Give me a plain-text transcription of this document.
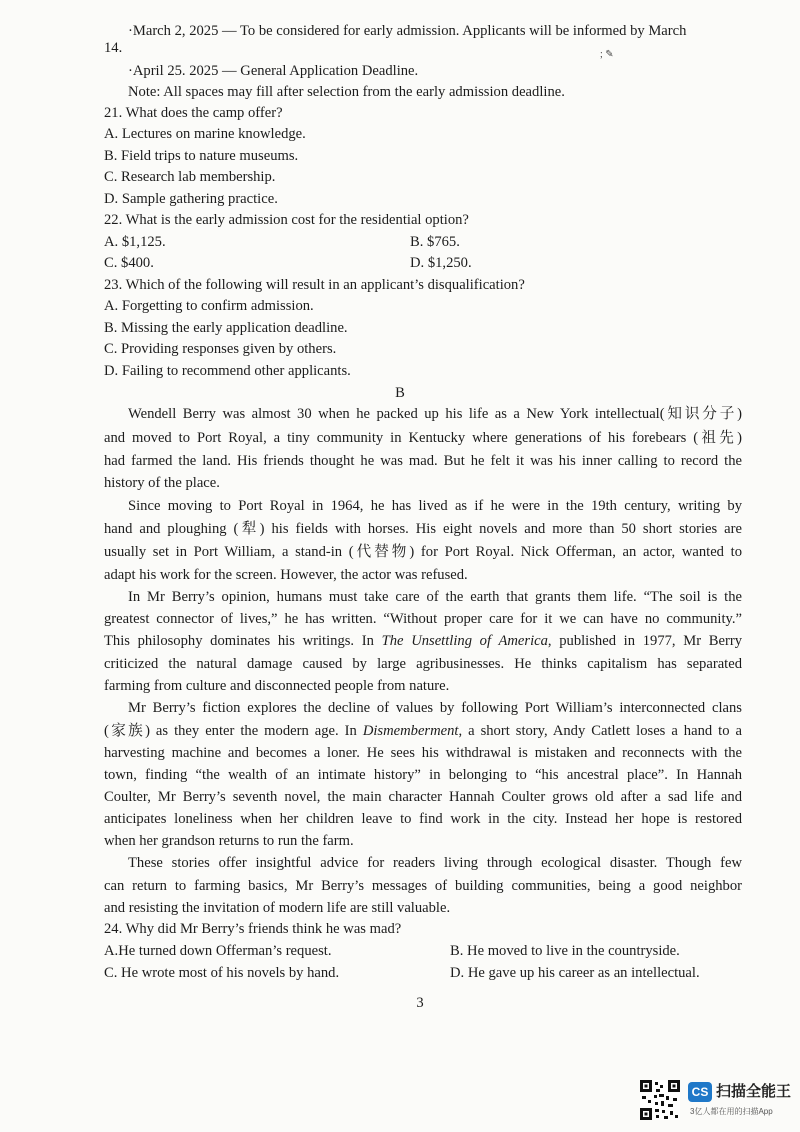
·March 2, 2025 — To be considered for early admission. Applicants will be informed by March
14.	; ✎
·April 25. 2025 — General Application Deadline.
Note: All spaces may fill after selection from the early admission deadline.
21. What does the camp offer?
A. Lectures on marine knowledge.
B. Field trips to nature museums.
C. Research lab membership.
D. Sample gathering practice.
22. What is the early admission cost for the residential option?
A. $1,125.	B. $765.
C. $400.	D. $1,250.
23. Which of the following will result in an applicant’s disqualification?
A. Forgetting to confirm admission.
B. Missing the early application deadline.
C. Providing responses given by others.
D. Failing to recommend other applicants.
B
Wendell Berry was almost 30 when he packed up his life as a New York intellectual(知识分子)
and moved to Port Royal, a tiny community in Kentucky where generations of his forebears (祖先)
had farmed the land. His friends thought he was mad. But he felt it was his inner calling to record the
history of the place.
Since moving to Port Royal in 1964, he has lived as if he were in the 19th century, writing by
hand and ploughing (犁) his fields with horses. His eight novels and more than 50 short stories are
usually set in Port William, a stand-in (代替物) for Port Royal. Nick Offerman, an actor, wanted to
adapt his work for the screen. However, the actor was refused.
In Mr Berry’s opinion, humans must take care of the earth that grants them life. “The soil is the
greatest connector of lives,” he has written. “Without proper care for it we can have no community.”
This philosophy dominates his writings. In The Unsettling of America, published in 1977, Mr Berry
criticized the natural damage caused by large agribusinesses. He thinks capitalism has separated
farming from culture and disconnected people from nature.
Mr Berry’s fiction explores the decline of values by following Port William’s interconnected clans
(家族) as they enter the modern age. In Dismemberment, a short story, Andy Catlett loses a hand to a
harvesting machine and becomes a loner. He sees his withdrawal is mistaken and reconnects with the
town, finding “the wealth of an intimate history” in belonging to “his ancestral place”. In Hannah
Coulter, Mr Berry’s seventh novel, the main character Hannah Coulter grows old after a sad life and
anticipates loneliness when her children leave to find work in the city. Instead her hope is restored
when her grandson returns to run the farm.
These stories offer insightful advice for readers living through ecological disaster. Though few
can return to farming basics, Mr Berry’s messages of building communities, being a good neighbor
and resisting the invitation of modern life are still valuable.
24. Why did Mr Berry’s friends think he was mad?
A.He turned down Offerman’s request.	B. He moved to live in the countryside.
C. He wrote most of his novels by hand.	D. He gave up his career as an intellectual.
3
CS 扫描全能王
3亿人都在用的扫描App
